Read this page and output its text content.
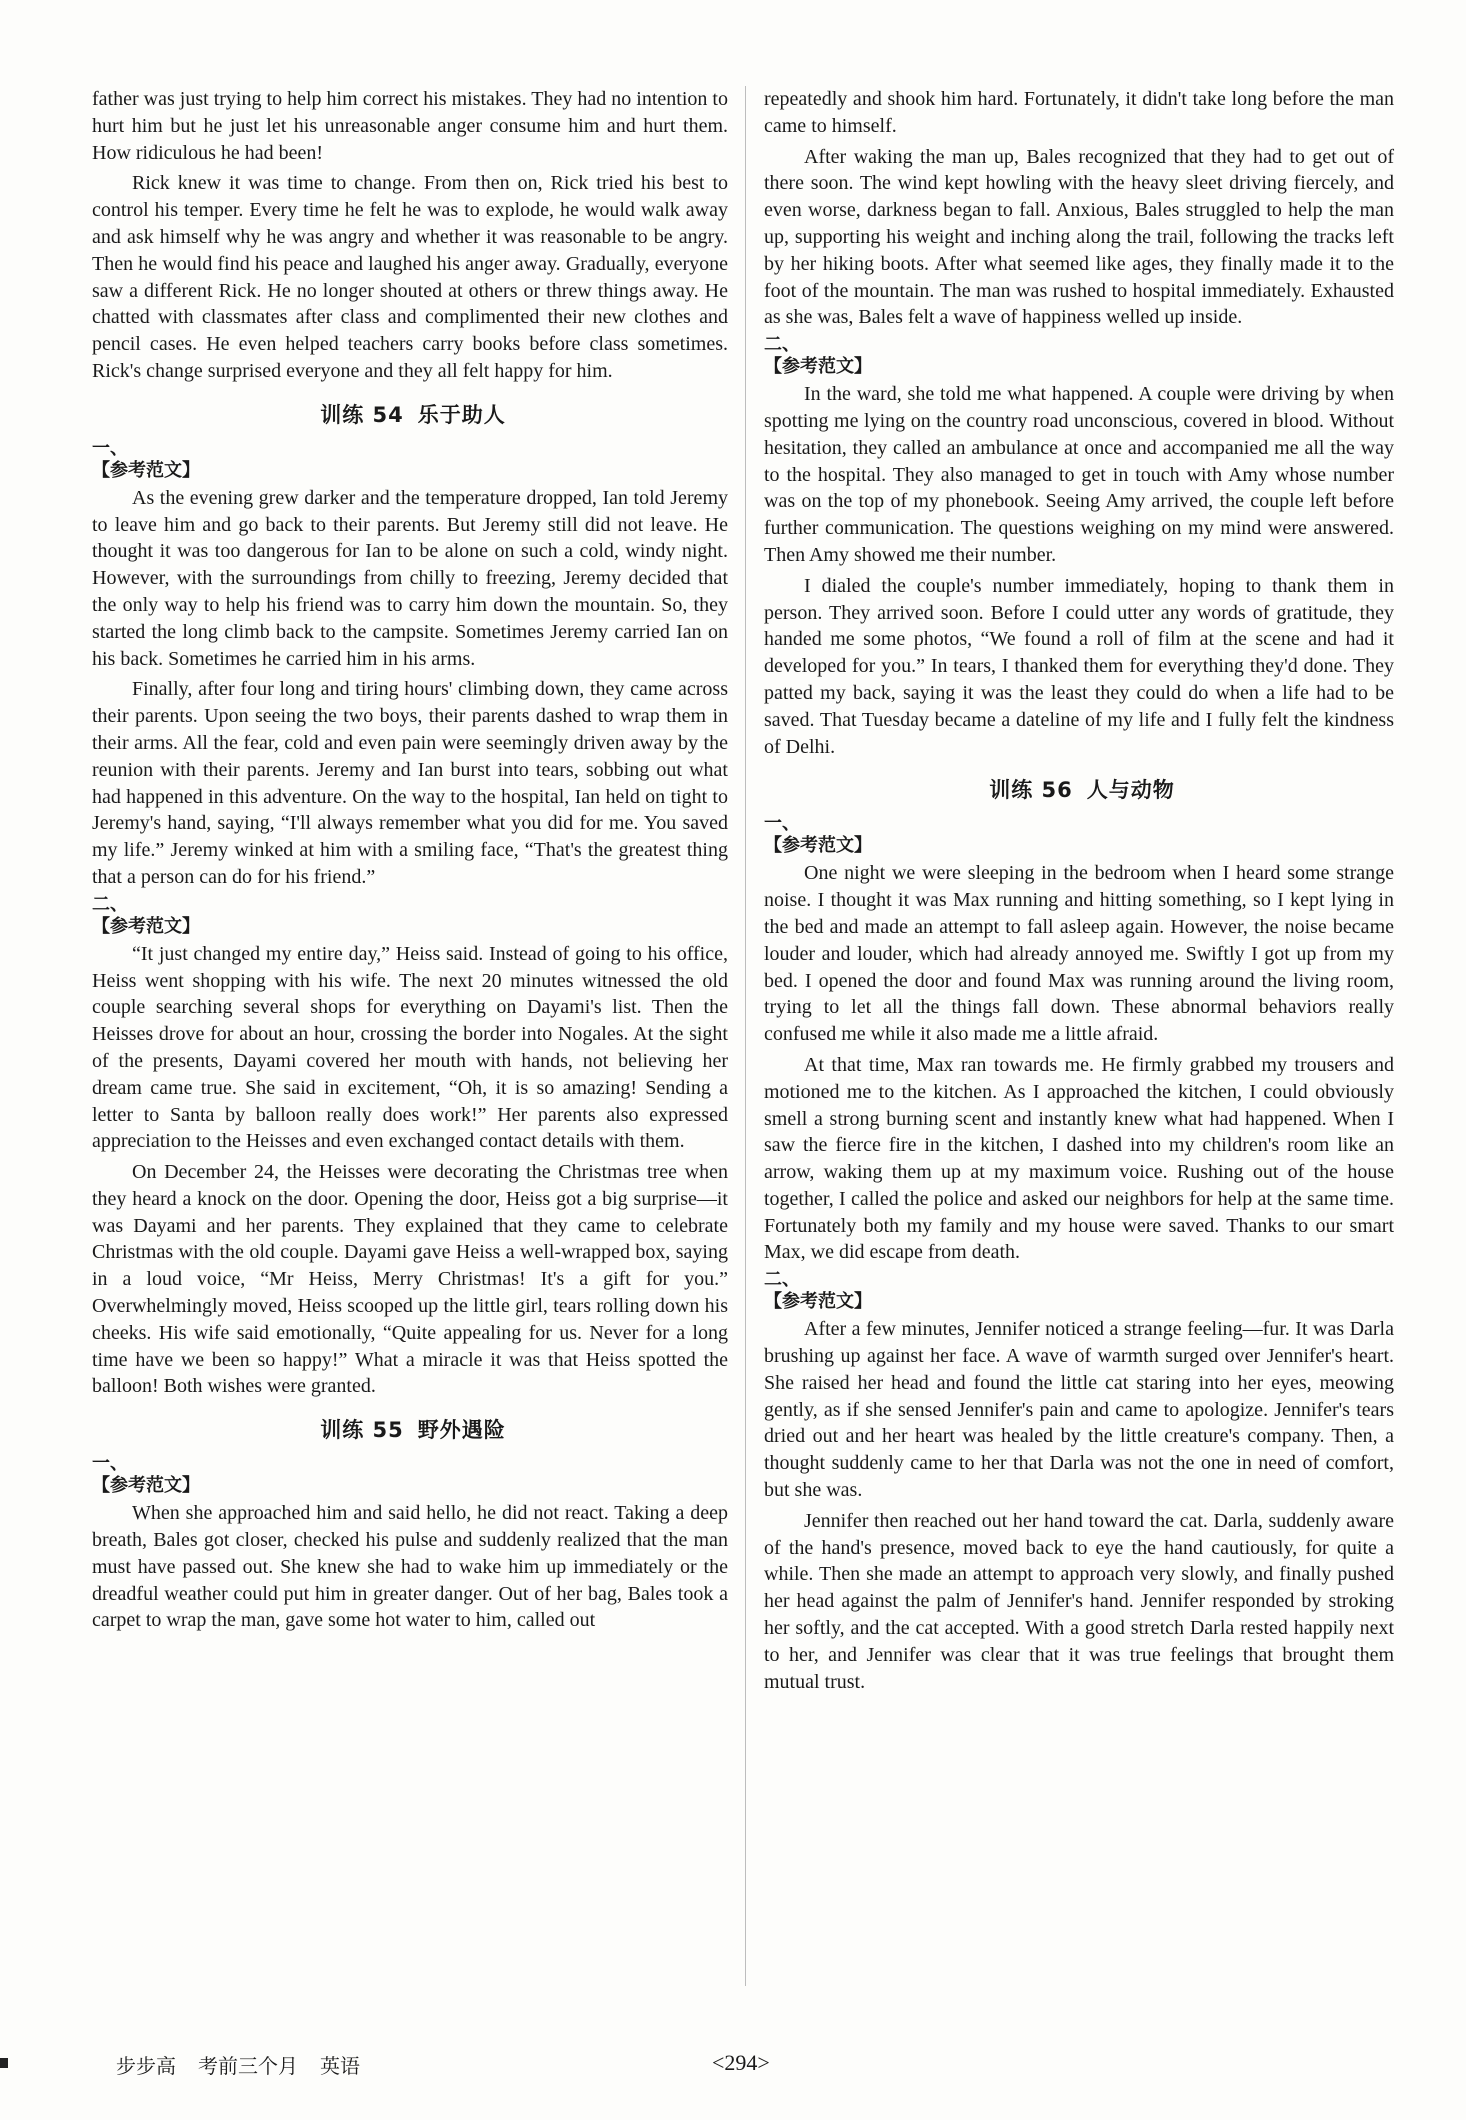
father was just trying to help him correct his mistakes. They had no intention to hurt him but he just let his unreasonable anger consume him and hurt them. How ridiculous he had been!

Rick knew it was time to change. From then on, Rick tried his best to control his temper. Every time he felt he was to explode, he would walk away and ask himself why he was angry and whether it was reasonable to be angry. Then he would find his peace and laughed his anger away. Gradually, everyone saw a different Rick. He no longer shouted at others or threw things away. He chatted with classmates after class and complimented their new clothes and pencil cases. He even helped teachers carry books before class sometimes. Rick's change surprised everyone and they all felt happy for him.

训练 54 乐于助人
一、
【参考范文】

As the evening grew darker and the temperature dropped, Ian told Jeremy to leave him and go back to their parents. But Jeremy still did not leave. He thought it was too dangerous for Ian to be alone on such a cold, windy night. However, with the surroundings from chilly to freezing, Jeremy decided that the only way to help his friend was to carry him down the mountain. So, they started the long climb back to the campsite. Sometimes Jeremy carried Ian on his back. Sometimes he carried him in his arms.

Finally, after four long and tiring hours' climbing down, they came across their parents. Upon seeing the two boys, their parents dashed to wrap them in their arms. All the fear, cold and even pain were seemingly driven away by the reunion with their parents. Jeremy and Ian burst into tears, sobbing out what had happened in this adventure. On the way to the hospital, Ian held on tight to Jeremy's hand, saying, “I'll always remember what you did for me. You saved my life.” Jeremy winked at him with a smiling face, “That's the greatest thing that a person can do for his friend.”

二、
【参考范文】

“It just changed my entire day,” Heiss said. Instead of going to his office, Heiss went shopping with his wife. The next 20 minutes witnessed the old couple searching several shops for everything on Dayami's list. Then the Heisses drove for about an hour, crossing the border into Nogales. At the sight of the presents, Dayami covered her mouth with hands, not believing her dream came true. She said in excitement, “Oh, it is so amazing! Sending a letter to Santa by balloon really does work!” Her parents also expressed appreciation to the Heisses and even exchanged contact details with them.

On December 24, the Heisses were decorating the Christmas tree when they heard a knock on the door. Opening the door, Heiss got a big surprise—it was Dayami and her parents. They explained that they came to celebrate Christmas with the old couple. Dayami gave Heiss a well-wrapped box, saying in a loud voice, “Mr Heiss, Merry Christmas! It's a gift for you.” Overwhelmingly moved, Heiss scooped up the little girl, tears rolling down his cheeks. His wife said emotionally, “Quite appealing for us. Never for a long time have we been so happy!” What a miracle it was that Heiss spotted the balloon! Both wishes were granted.

训练 55 野外遇险
一、
【参考范文】

When she approached him and said hello, he did not react. Taking a deep breath, Bales got closer, checked his pulse and suddenly realized that the man must have passed out. She knew she had to wake him up immediately or the dreadful weather could put him in greater danger. Out of her bag, Bales took a carpet to wrap the man, gave some hot water to him, called out

repeatedly and shook him hard. Fortunately, it didn't take long before the man came to himself.

After waking the man up, Bales recognized that they had to get out of there soon. The wind kept howling with the heavy sleet driving fiercely, and even worse, darkness began to fall. Anxious, Bales struggled to help the man up, supporting his weight and inching along the trail, following the tracks left by her hiking boots. After what seemed like ages, they finally made it to the foot of the mountain. The man was rushed to hospital immediately. Exhausted as she was, Bales felt a wave of happiness welled up inside.

二、
【参考范文】

In the ward, she told me what happened. A couple were driving by when spotting me lying on the country road unconscious, covered in blood. Without hesitation, they called an ambulance at once and accompanied me all the way to the hospital. They also managed to get in touch with Amy whose number was on the top of my phonebook. Seeing Amy arrived, the couple left before further communication. The questions weighing on my mind were answered. Then Amy showed me their number.

I dialed the couple's number immediately, hoping to thank them in person. They arrived soon. Before I could utter any words of gratitude, they handed me some photos, “We found a roll of film at the scene and had it developed for you.” In tears, I thanked them for everything they'd done. They patted my back, saying it was the least they could do when a life had to be saved. That Tuesday became a dateline of my life and I fully felt the kindness of Delhi.

训练 56 人与动物
一、
【参考范文】

One night we were sleeping in the bedroom when I heard some strange noise. I thought it was Max running and hitting something, so I kept lying in the bed and made an attempt to fall asleep again. However, the noise became louder and louder, which had already annoyed me. Swiftly I got up from my bed. I opened the door and found Max was running around the living room, trying to let all the things fall down. These abnormal behaviors really confused me while it also made me a little afraid.

At that time, Max ran towards me. He firmly grabbed my trousers and motioned me to the kitchen. As I approached the kitchen, I could obviously smell a strong burning scent and instantly knew what had happened. When I saw the fierce fire in the kitchen, I dashed into my children's room like an arrow, waking them up at my maximum voice. Rushing out of the house together, I called the police and asked our neighbors for help at the same time. Fortunately both my family and my house were saved. Thanks to our smart Max, we did escape from death.

二、
【参考范文】

After a few minutes, Jennifer noticed a strange feeling—fur. It was Darla brushing up against her face. A wave of warmth surged over Jennifer's heart. She raised her head and found the little cat staring into her eyes, meowing gently, as if she sensed Jennifer's pain and came to apologize. Jennifer's tears dried out and her heart was healed by the little creature's company. Then, a thought suddenly came to her that Darla was not the one in need of comfort, but she was.

Jennifer then reached out her hand toward the cat. Darla, suddenly aware of the hand's presence, moved back to eye the hand cautiously, for quite a while. Then she made an attempt to approach very slowly, and finally pushed her head against the palm of Jennifer's hand. Jennifer responded by stroking her softly, and the cat accepted. With a good stretch Darla rested happily next to her, and Jennifer was clear that it was true feelings that brought them mutual trust.

步步高 考前三个月 英语	<294>
